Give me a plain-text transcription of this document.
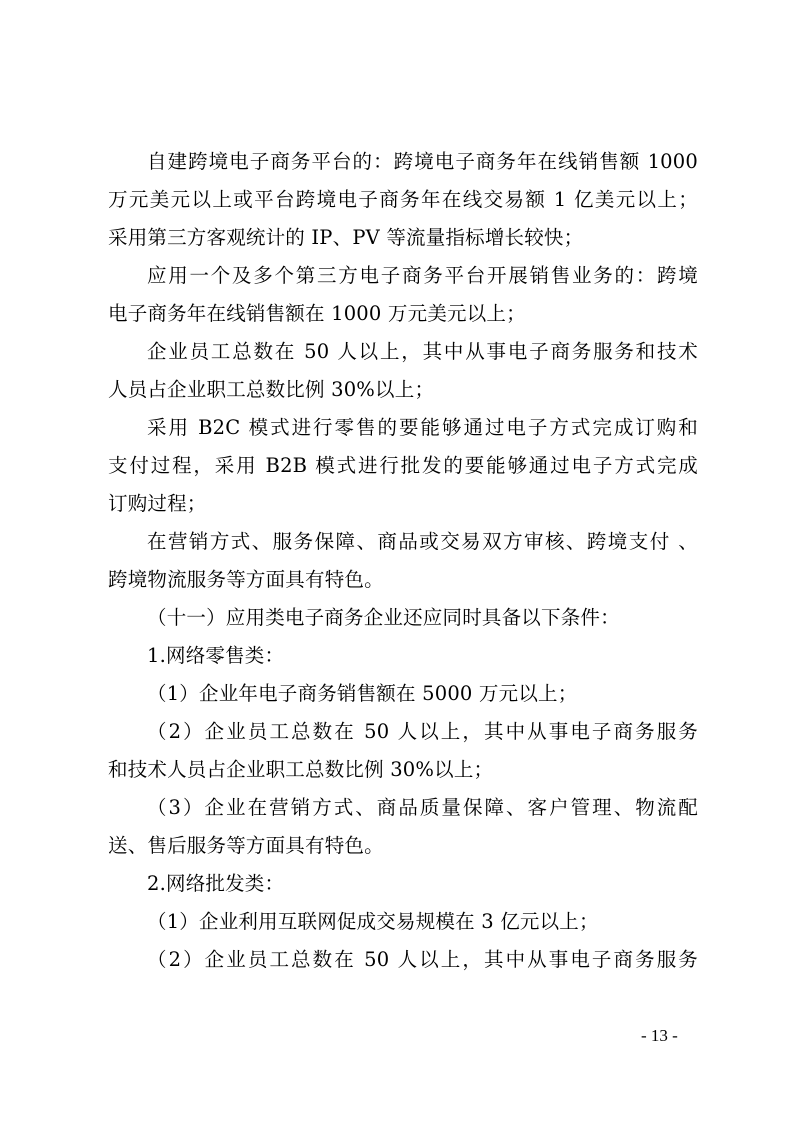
自建跨境电子商务平台的：跨境电子商务年在线销售额 1000
万元美元以上或平台跨境电子商务年在线交易额 1 亿美元以上；
采用第三方客观统计的 IP、PV 等流量指标增长较快；
应用一个及多个第三方电子商务平台开展销售业务的：跨境
电子商务年在线销售额在 1000 万元美元以上；
企业员工总数在 50 人以上，其中从事电子商务服务和技术
人员占企业职工总数比例 30%以上；
采用 B2C 模式进行零售的要能够通过电子方式完成订购和
支付过程，采用 B2B 模式进行批发的要能够通过电子方式完成
订购过程；
在营销方式、服务保障、商品或交易双方审核、跨境支付 、
跨境物流服务等方面具有特色。
（十一）应用类电子商务企业还应同时具备以下条件：
1.网络零售类：
（1）企业年电子商务销售额在 5000 万元以上；
（2）企业员工总数在 50 人以上，其中从事电子商务服务
和技术人员占企业职工总数比例 30%以上；
（3）企业在营销方式、商品质量保障、客户管理、物流配
送、售后服务等方面具有特色。
2.网络批发类：
（1）企业利用互联网促成交易规模在 3 亿元以上；
（2）企业员工总数在 50 人以上，其中从事电子商务服务
- 13 -
